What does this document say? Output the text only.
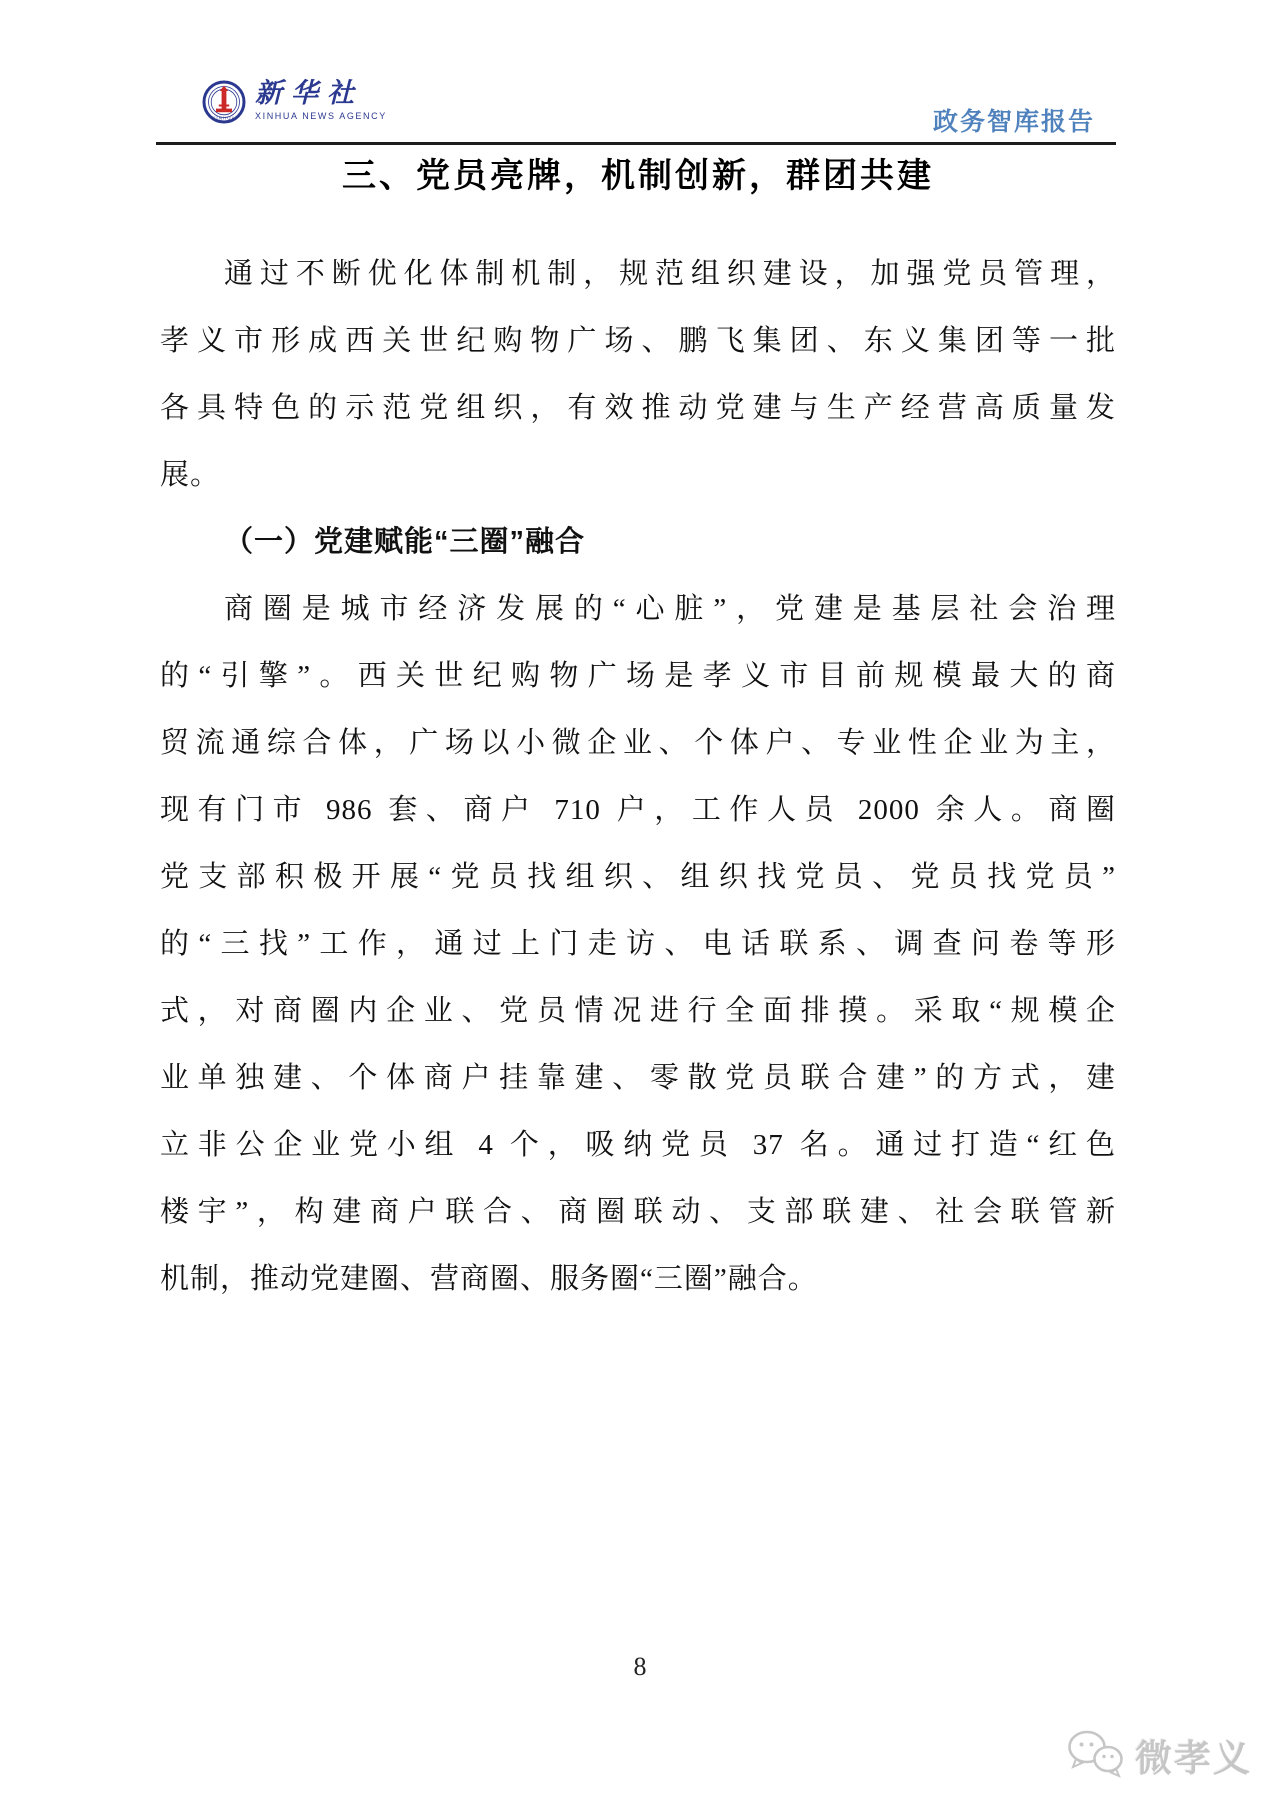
XINHUA
新华社
XINHUA NEWS AGENCY	政务智库报告
三、党员亮牌，机制创新，群团共建
通过不断优化体制机制，规范组织建设，加强党员管理，
孝义市形成西关世纪购物广场、鹏飞集团、东义集团等一批
各具特色的示范党组织，有效推动党建与生产经营高质量发
展。
（一）党建赋能“三圈”融合
商圈是城市经济发展的“心脏”，党建是基层社会治理
的“引擎”。西关世纪购物广场是孝义市目前规模最大的商
贸流通综合体，广场以小微企业、个体户、专业性企业为主，
现有门市 986 套、商户 710 户，工作人员 2000 余人。商圈
党支部积极开展“党员找组织、组织找党员、党员找党员”
的“三找”工作，通过上门走访、电话联系、调查问卷等形
式，对商圈内企业、党员情况进行全面排摸。采取“规模企
业单独建、个体商户挂靠建、零散党员联合建”的方式，建
立非公企业党小组 4 个，吸纳党员 37 名。通过打造“红色
楼宇”，构建商户联合、商圈联动、支部联建、社会联管新
机制，推动党建圈、营商圈、服务圈“三圈”融合。
8
微孝义
